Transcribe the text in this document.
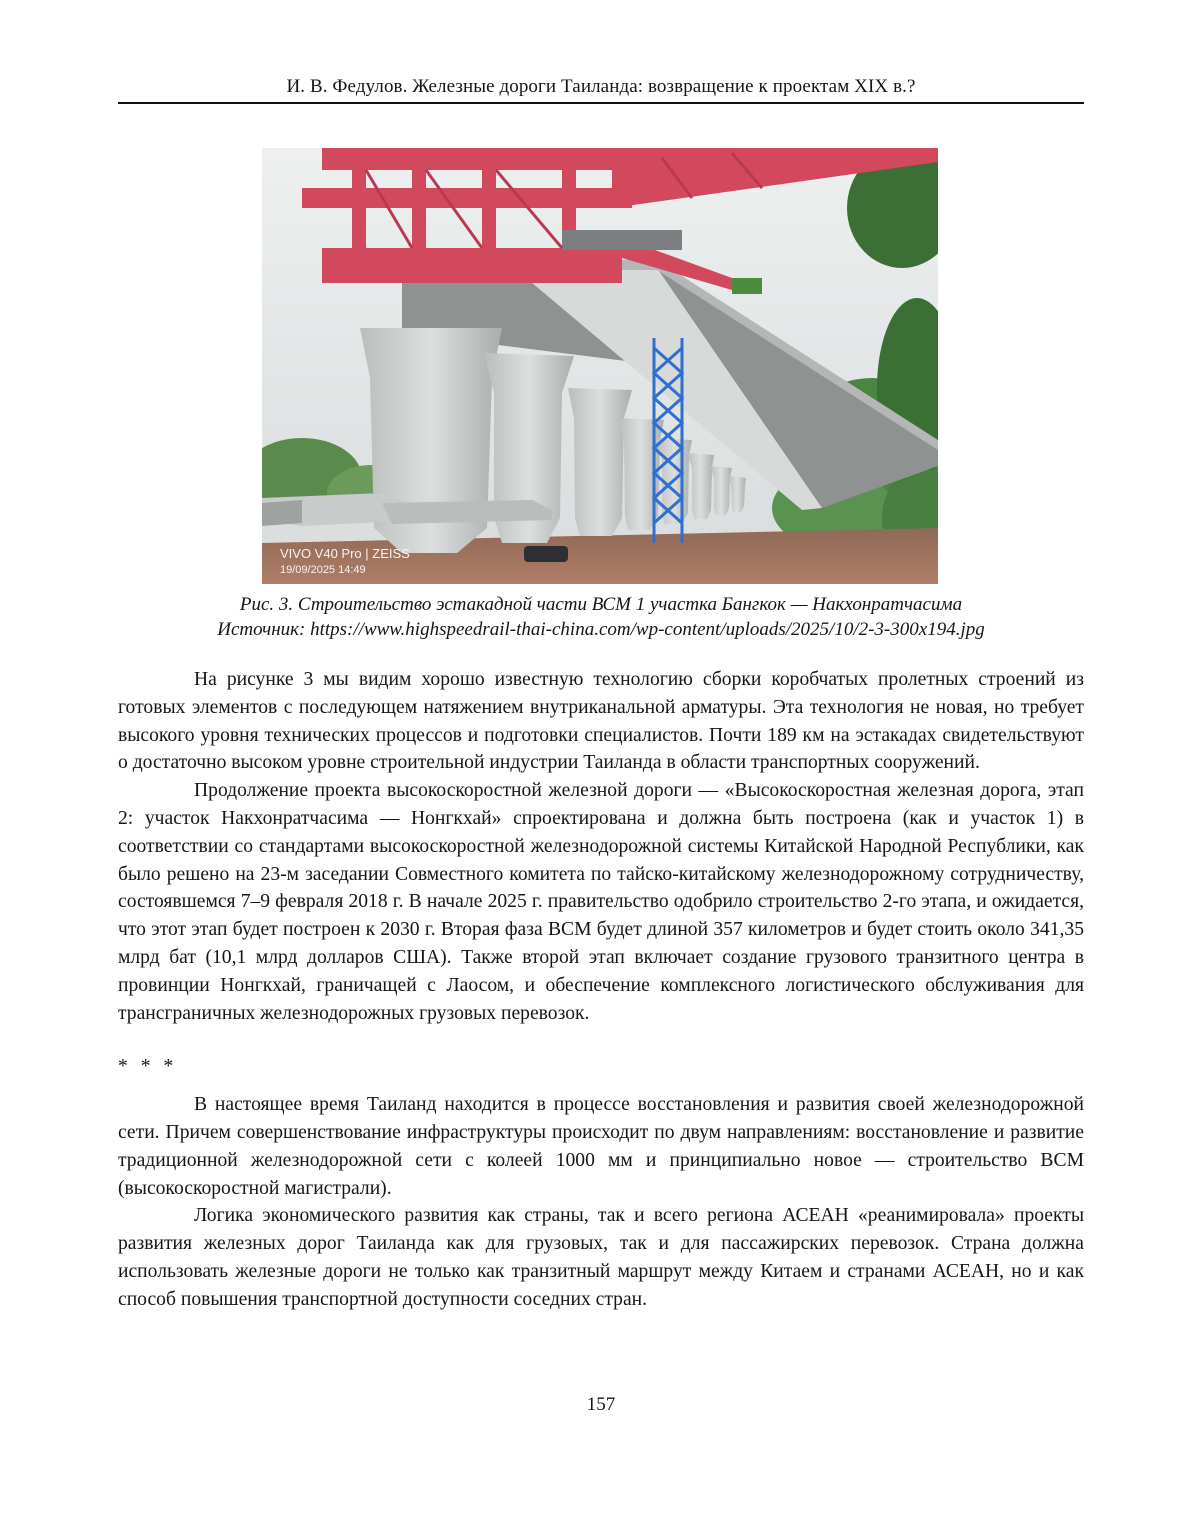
И. В. Федулов. Железные дороги Таиланда: возвращение к проектам XIX в.?
VIVO V40 Pro | ZEISS
19/09/2025 14:49
Рис. 3. Строительство эстакадной части ВСМ 1 участка Бангкок — Накхонратчасима
Источник: https://www.highspeedrail-thai-china.com/wp-content/uploads/2025/10/2-3-300x194.jpg

На рисунке 3 мы видим хорошо известную технологию сборки коробчатых пролетных строений из готовых элементов с последующем натяжением внутриканальной арматуры. Эта технология не новая, но требует высокого уровня технических процессов и подготовки специалистов. Почти 189 км на эстакадах свидетельствуют о достаточно высоком уровне строительной индустрии Таиланда в области транспортных сооружений.

Продолжение проекта высокоскоростной железной дороги — «Высокоскоростная железная дорога, этап 2: участок Накхонратчасима — Нонгкхай» спроектирована и должна быть построена (как и участок 1) в соответствии со стандартами высокоскоростной железнодорожной системы Китайской Народной Республики, как было решено на 23-м заседании Совместного комитета по тайско-китайскому железнодорожному сотрудничеству, состоявшемся 7–9 февраля 2018 г. В начале 2025 г. правительство одобрило строительство 2-го этапа, и ожидается, что этот этап будет построен к 2030 г. Вторая фаза ВСМ будет длиной 357 километров и будет стоить около 341,35 млрд бат (10,1 млрд долларов США). Также второй этап включает создание грузового транзитного центра в провинции Нонгкхай, граничащей с Лаосом, и обеспечение комплексного логистического обслуживания для трансграничных железнодорожных грузовых перевозок.

* * *

В настоящее время Таиланд находится в процессе восстановления и развития своей железнодорожной сети. Причем совершенствование инфраструктуры происходит по двум направлениям: восстановление и развитие традиционной железнодорожной сети с колеей 1000 мм и принципиально новое — строительство ВСМ (высокоскоростной магистрали).

Логика экономического развития как страны, так и всего региона АСЕАН «реанимировала» проекты развития железных дорог Таиланда как для грузовых, так и для пассажирских перевозок. Страна должна использовать железные дороги не только как транзитный маршрут между Китаем и странами АСЕАН, но и как способ повышения транспортной доступности соседних стран.

157
